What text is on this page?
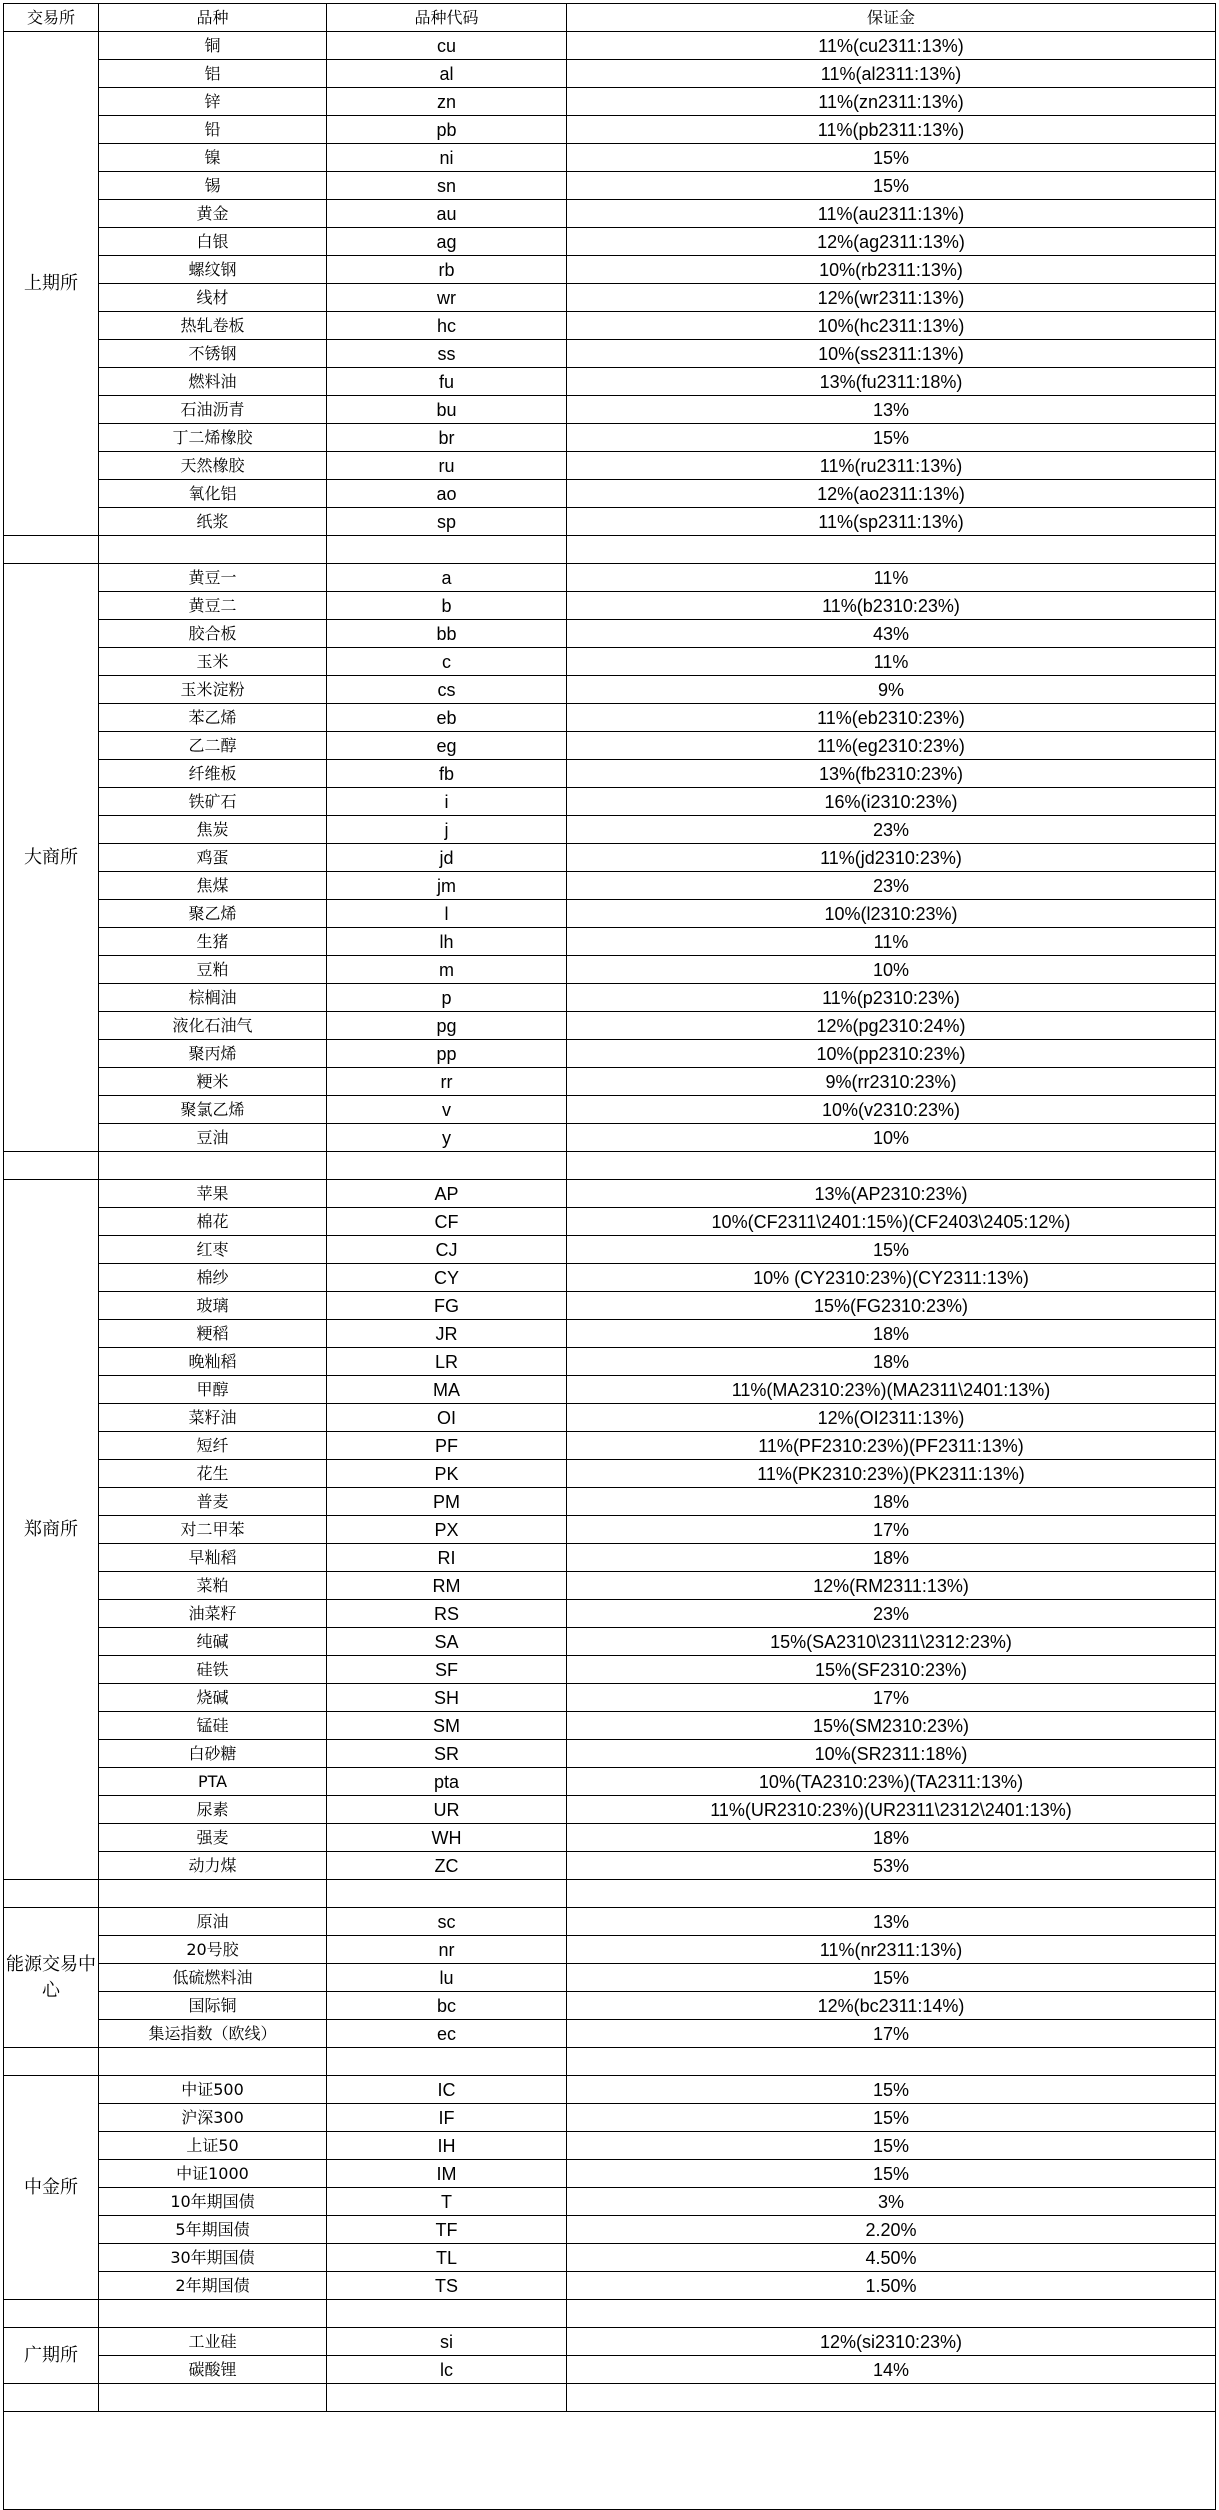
交易所	品种	品种代码	保证金
上期所	铜	cu	11%(cu2311:13%)
	铝	al	11%(al2311:13%)
	锌	zn	11%(zn2311:13%)
	铅	pb	11%(pb2311:13%)
	镍	ni	15%
	锡	sn	15%
	黄金	au	11%(au2311:13%)
	白银	ag	12%(ag2311:13%)
	螺纹钢	rb	10%(rb2311:13%)
	线材	wr	12%(wr2311:13%)
	热轧卷板	hc	10%(hc2311:13%)
	不锈钢	ss	10%(ss2311:13%)
	燃料油	fu	13%(fu2311:18%)
	石油沥青	bu	13%
	丁二烯橡胶	br	15%
	天然橡胶	ru	11%(ru2311:13%)
	氧化铝	ao	12%(ao2311:13%)
	纸浆	sp	11%(sp2311:13%)

大商所	黄豆一	a	11%
	黄豆二	b	11%(b2310:23%)
	胶合板	bb	43%
	玉米	c	11%
	玉米淀粉	cs	9%
	苯乙烯	eb	11%(eb2310:23%)
	乙二醇	eg	11%(eg2310:23%)
	纤维板	fb	13%(fb2310:23%)
	铁矿石	i	16%(i2310:23%)
	焦炭	j	23%
	鸡蛋	jd	11%(jd2310:23%)
	焦煤	jm	23%
	聚乙烯	l	10%(l2310:23%)
	生猪	lh	11%
	豆粕	m	10%
	棕榈油	p	11%(p2310:23%)
	液化石油气	pg	12%(pg2310:24%)
	聚丙烯	pp	10%(pp2310:23%)
	粳米	rr	9%(rr2310:23%)
	聚氯乙烯	v	10%(v2310:23%)
	豆油	y	10%

郑商所	苹果	AP	13%(AP2310:23%)
	棉花	CF	10%(CF2311\2401:15%)(CF2403\2405:12%)
	红枣	CJ	15%
	棉纱	CY	10% (CY2310:23%)(CY2311:13%)
	玻璃	FG	15%(FG2310:23%)
	粳稻	JR	18%
	晚籼稻	LR	18%
	甲醇	MA	11%(MA2310:23%)(MA2311\2401:13%)
	菜籽油	OI	12%(OI2311:13%)
	短纤	PF	11%(PF2310:23%)(PF2311:13%)
	花生	PK	11%(PK2310:23%)(PK2311:13%)
	普麦	PM	18%
	对二甲苯	PX	17%
	早籼稻	RI	18%
	菜粕	RM	12%(RM2311:13%)
	油菜籽	RS	23%
	纯碱	SA	15%(SA2310\2311\2312:23%)
	硅铁	SF	15%(SF2310:23%)
	烧碱	SH	17%
	锰硅	SM	15%(SM2310:23%)
	白砂糖	SR	10%(SR2311:18%)
	PTA	pta	10%(TA2310:23%)(TA2311:13%)
	尿素	UR	11%(UR2310:23%)(UR2311\2312\2401:13%)
	强麦	WH	18%
	动力煤	ZC	53%

能源交易中心	原油	sc	13%
	20号胶	nr	11%(nr2311:13%)
	低硫燃料油	lu	15%
	国际铜	bc	12%(bc2311:14%)
	集运指数（欧线）	ec	17%

中金所	中证500	IC	15%
	沪深300	IF	15%
	上证50	IH	15%
	中证1000	IM	15%
	10年期国债	T	3%
	5年期国债	TF	2.20%
	30年期国债	TL	4.50%
	2年期国债	TS	1.50%

广期所	工业硅	si	12%(si2310:23%)
	碳酸锂	lc	14%
